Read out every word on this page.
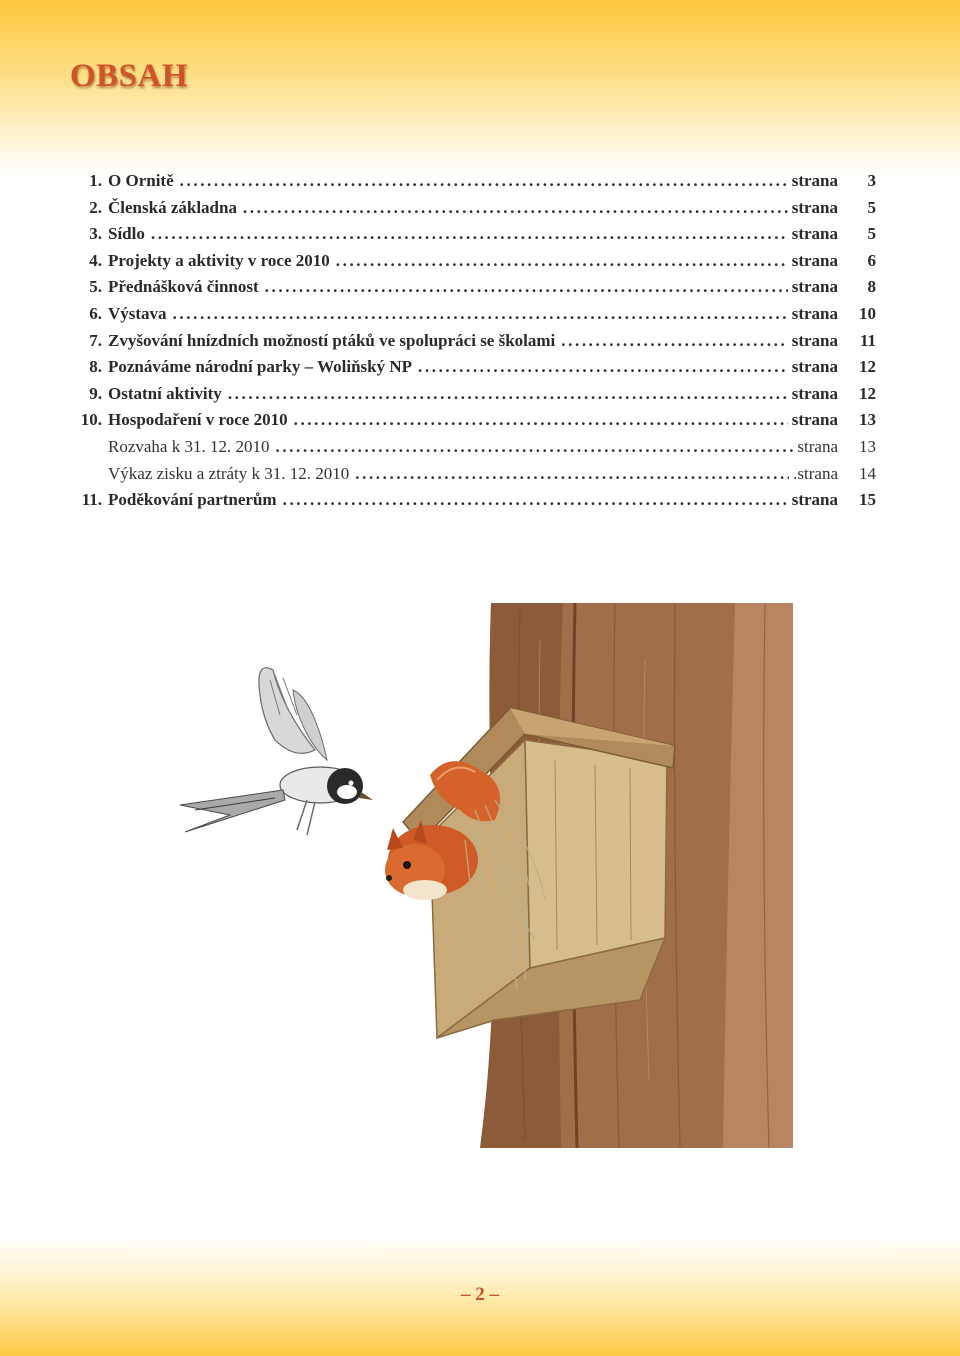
OBSAH
1. O Ornitě .....	strana	3
2. Členská základna .....	strana	5
3. Sídlo .....	strana	5
4. Projekty a aktivity v roce 2010 .....	strana	6
5. Přednášková činnost .....	strana	8
6. Výstava .....	strana	10
7. Zvyšování hnízdních možností ptáků ve spolupráci se školami .....	strana	11
8. Poznáváme národní parky – Woliňský NP .....	strana	12
9. Ostatní aktivity .....	strana	12
10. Hospodaření v roce 2010 .....	strana	13
Rozvaha k 31. 12. 2010 .....	strana	13
Výkaz zisku a ztráty k 31. 12. 2010 .....	.strana	14
11. Poděkování partnerům .....	strana	15
– 2 –
